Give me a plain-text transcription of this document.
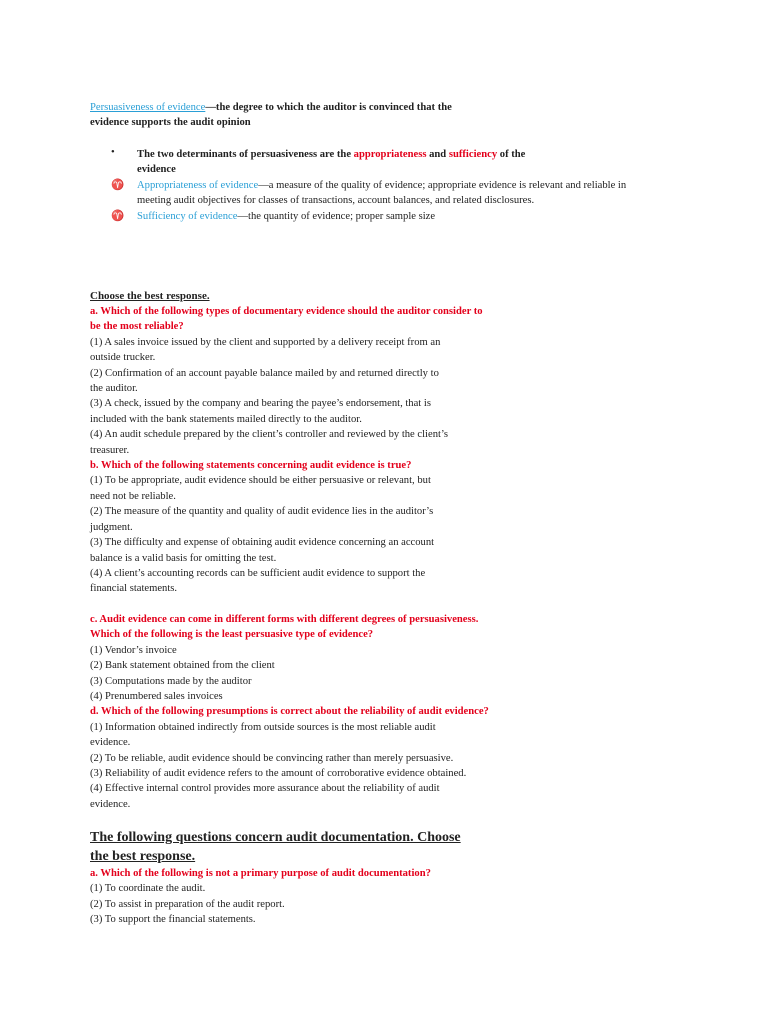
Persuasiveness of evidence—the degree to which the auditor is convinced that the
evidence supports the audit opinion
• The two determinants of persuasiveness are the appropriateness and sufficiency of the
evidence
♈ Appropriateness of evidence—a measure of the quality of evidence; appropriate evidence is relevant and reliable in
meeting audit objectives for classes of transactions, account balances, and related disclosures.
♈ Sufficiency of evidence—the quantity of evidence; proper sample size
Choose the best response.
a. Which of the following types of documentary evidence should the auditor consider to
be the most reliable?
(1) A sales invoice issued by the client and supported by a delivery receipt from an
outside trucker.
(2) Confirmation of an account payable balance mailed by and returned directly to
the auditor.
(3) A check, issued by the company and bearing the payee’s endorsement, that is
included with the bank statements mailed directly to the auditor.
(4) An audit schedule prepared by the client’s controller and reviewed by the client’s
treasurer.
b. Which of the following statements concerning audit evidence is true?
(1) To be appropriate, audit evidence should be either persuasive or relevant, but
need not be reliable.
(2) The measure of the quantity and quality of audit evidence lies in the auditor’s
judgment.
(3) The difficulty and expense of obtaining audit evidence concerning an account
balance is a valid basis for omitting the test.
(4) A client’s accounting records can be sufficient audit evidence to support the
financial statements.
c. Audit evidence can come in different forms with different degrees of persuasiveness.
Which of the following is the least persuasive type of evidence?
(1) Vendor’s invoice
(2) Bank statement obtained from the client
(3) Computations made by the auditor
(4) Prenumbered sales invoices
d. Which of the following presumptions is correct about the reliability of audit evidence?
(1) Information obtained indirectly from outside sources is the most reliable audit
evidence.
(2) To be reliable, audit evidence should be convincing rather than merely persuasive.
(3) Reliability of audit evidence refers to the amount of corroborative evidence obtained.
(4) Effective internal control provides more assurance about the reliability of audit
evidence.
The following questions concern audit documentation. Choose
the best response.
a. Which of the following is not a primary purpose of audit documentation?
(1) To coordinate the audit.
(2) To assist in preparation of the audit report.
(3) To support the financial statements.
